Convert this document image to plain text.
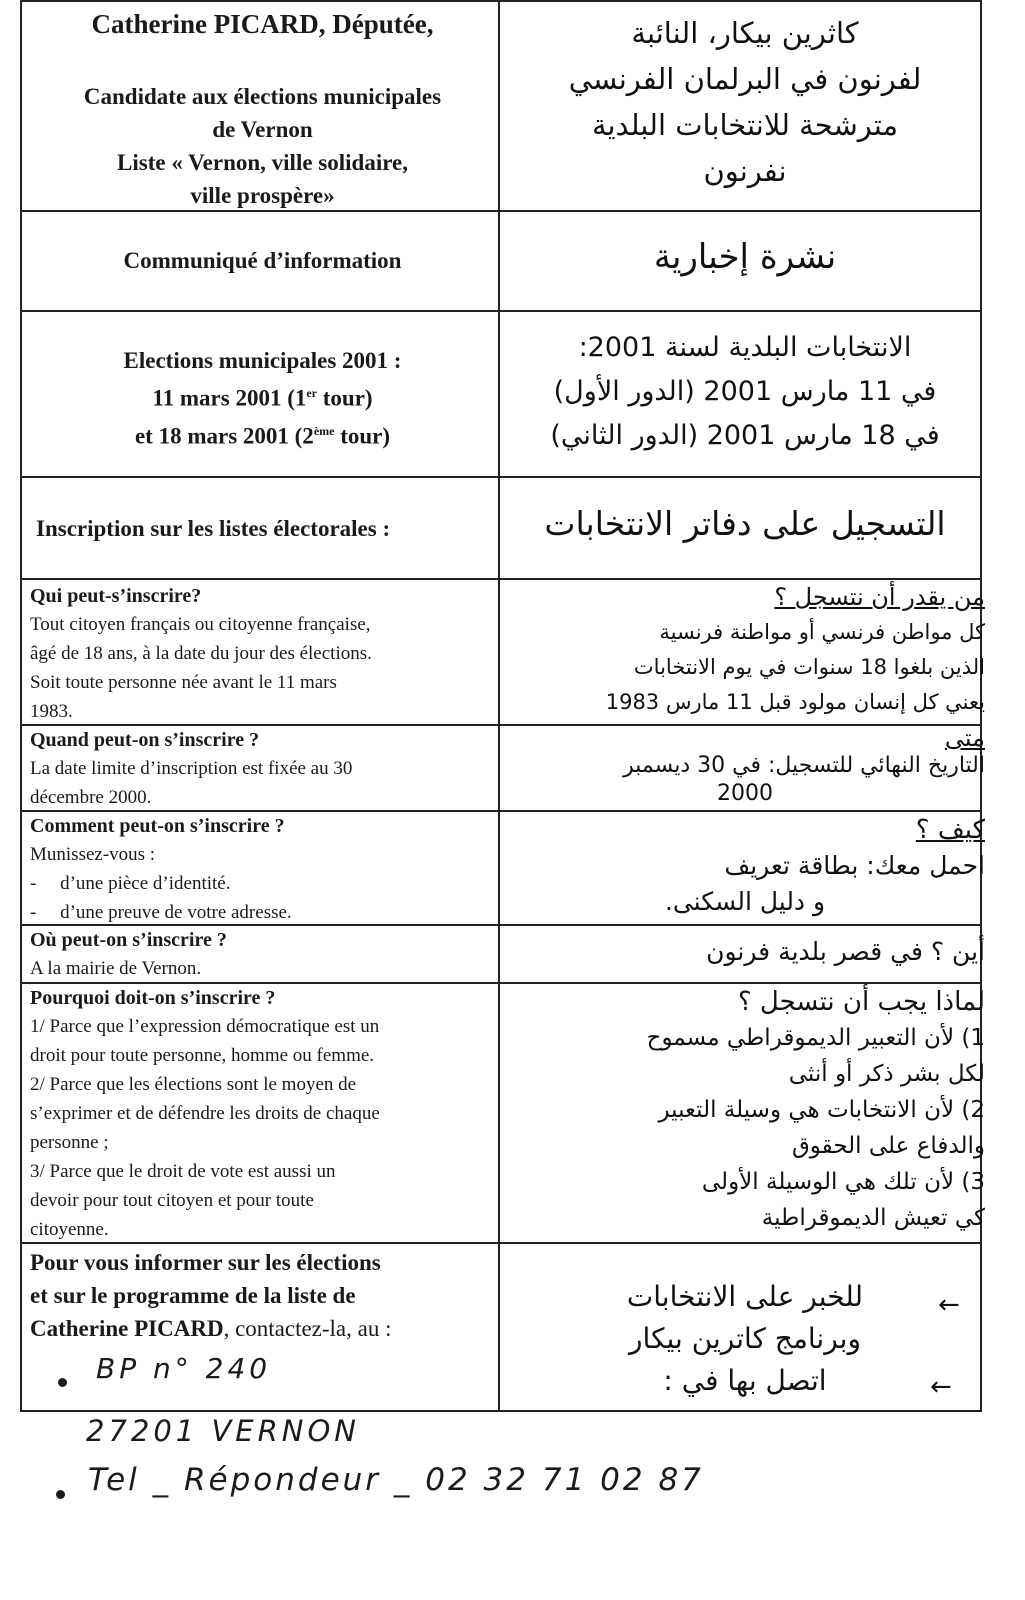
Catherine PICARD, Députée,
Candidate aux élections municipales
de Vernon
Liste « Vernon, ville solidaire,
ville prospère»
كاثرين بيكار، النائبة
لفرنون في البرلمان الفرنسي
مترشحة للانتخابات البلدية
نفرنون
Communiqué d’information	نشرة إخبارية
Elections municipales 2001 :
11 mars 2001 (1er tour)
et 18 mars 2001 (2ème tour)
الانتخابات البلدية لسنة 2001:
في 11 مارس 2001 (الدور الأول)
في 18 مارس 2001 (الدور الثاني)
Inscription sur les listes électorales :	التسجيل على دفاتر الانتخابات
Qui peut-s’inscrire?
Tout citoyen français ou citoyenne française,
âgé de 18 ans, à la date du jour des élections.
Soit toute personne née avant le 11 mars
1983.
من يقدر أن نتسجل ؟
كل مواطن فرنسي أو مواطنة فرنسية
الذين بلغوا 18 سنوات في يوم الانتخابات
يعني كل إنسان مولود قبل 11 مارس 1983
Quand peut-on s’inscrire ?
La date limite d’inscription est fixée au 30
décembre 2000.
متى
التاريخ النهائي للتسجيل: في 30 ديسمبر
2000
Comment peut-on s’inscrire ?
Munissez-vous :
-     d’une pièce d’identité.
-     d’une preuve de votre adresse.
كيف ؟
احمل معك: بطاقة تعريف
و دليل السكنى.
Où peut-on s’inscrire ?
A la mairie de Vernon.
أين ؟ في قصر بلدية فرنون
Pourquoi doit-on s’inscrire ?
1/ Parce que l’expression démocratique est un
droit pour toute personne, homme ou femme.
2/ Parce que les élections sont le moyen de
s’exprimer et de défendre les droits de chaque
personne ;
3/ Parce que le droit de vote est aussi un
devoir pour tout citoyen et pour toute
citoyenne.
لماذا يجب أن نتسجل ؟
1) لأن التعبير الديموقراطي مسموح
لكل بشر ذكر أو أنثى
2) لأن الانتخابات هي وسيلة التعبير
والدفاع على الحقوق
3) لأن تلك هي الوسيلة الأولى
كي تعيش الديموقراطية
Pour vous informer sur les élections
et sur le programme de la liste de
Catherine PICARD, contactez-la, au :
للخبر على الانتخابات
وبرنامج كاترين بيكار
اتصل بها في :
←
←
BP n° 240
27201 VERNON
Tel _ Répondeur _ 02 32 71 02 87
